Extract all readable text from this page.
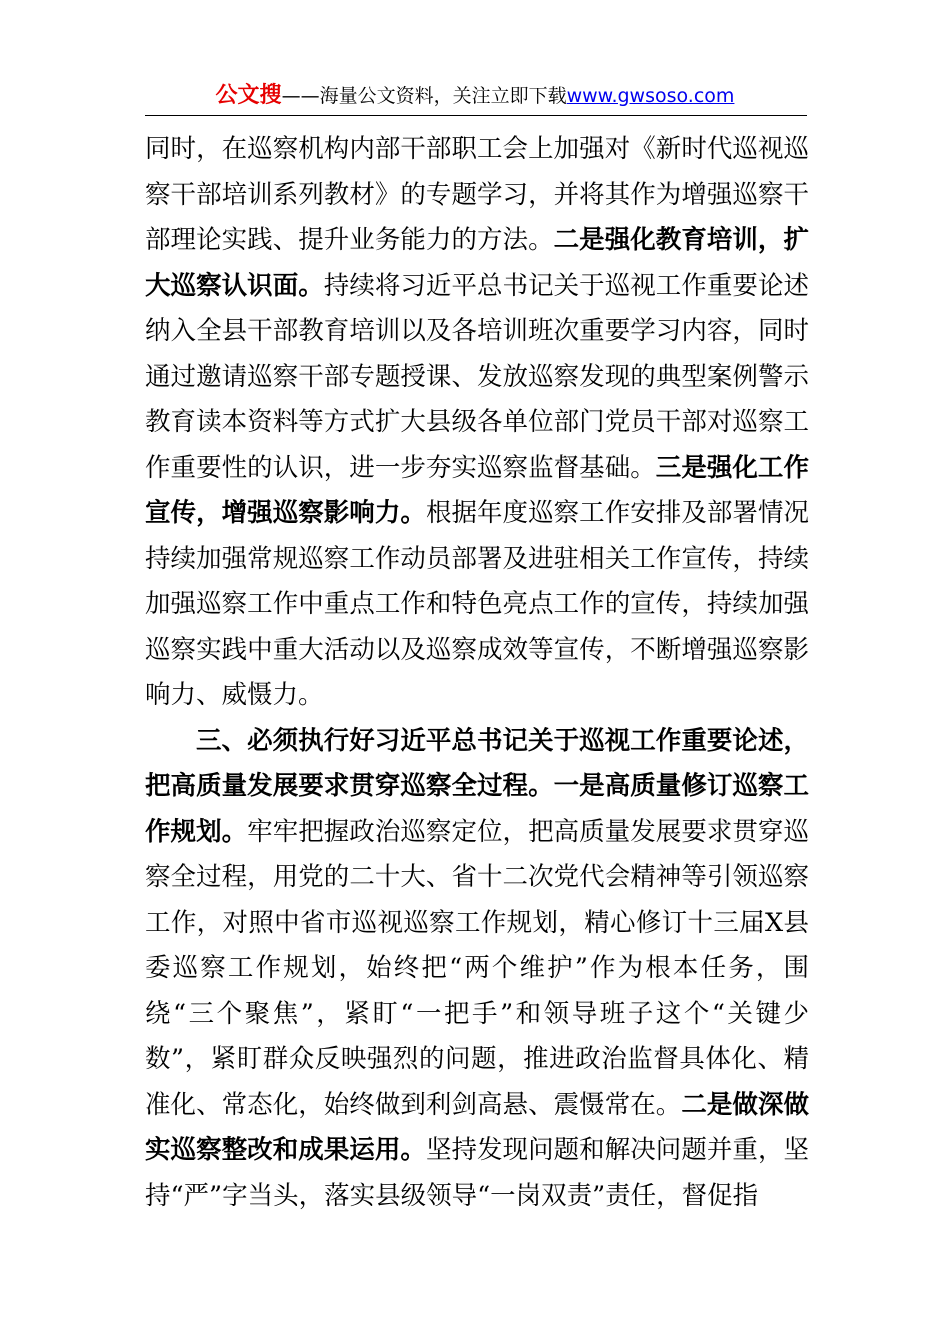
公文搜——海量公文资料，关注立即下载www.gwsoso.com

同时，在巡察机构内部干部职工会上加强对《新时代巡视巡察干部培训系列教材》的专题学习，并将其作为增强巡察干部理论实践、提升业务能力的方法。二是强化教育培训，扩大巡察认识面。持续将习近平总书记关于巡视工作重要论述纳入全县干部教育培训以及各培训班次重要学习内容，同时通过邀请巡察干部专题授课、发放巡察发现的典型案例警示教育读本资料等方式扩大县级各单位部门党员干部对巡察工作重要性的认识，进一步夯实巡察监督基础。三是强化工作宣传，增强巡察影响力。根据年度巡察工作安排及部署情况持续加强常规巡察工作动员部署及进驻相关工作宣传，持续加强巡察工作中重点工作和特色亮点工作的宣传，持续加强巡察实践中重大活动以及巡察成效等宣传，不断增强巡察影响力、威慑力。

三、必须执行好习近平总书记关于巡视工作重要论述，把高质量发展要求贯穿巡察全过程。一是高质量修订巡察工作规划。牢牢把握政治巡察定位，把高质量发展要求贯穿巡察全过程，用党的二十大、省十二次党代会精神等引领巡察工作，对照中省市巡视巡察工作规划，精心修订十三届X县委巡察工作规划，始终把“两个维护”作为根本任务，围绕“三个聚焦”，紧盯“一把手”和领导班子这个“关键少数”，紧盯群众反映强烈的问题，推进政治监督具体化、精准化、常态化，始终做到利剑高悬、震慑常在。二是做深做实巡察整改和成果运用。坚持发现问题和解决问题并重，坚持“严”字当头，落实县级领导“一岗双责”责任，督促指
